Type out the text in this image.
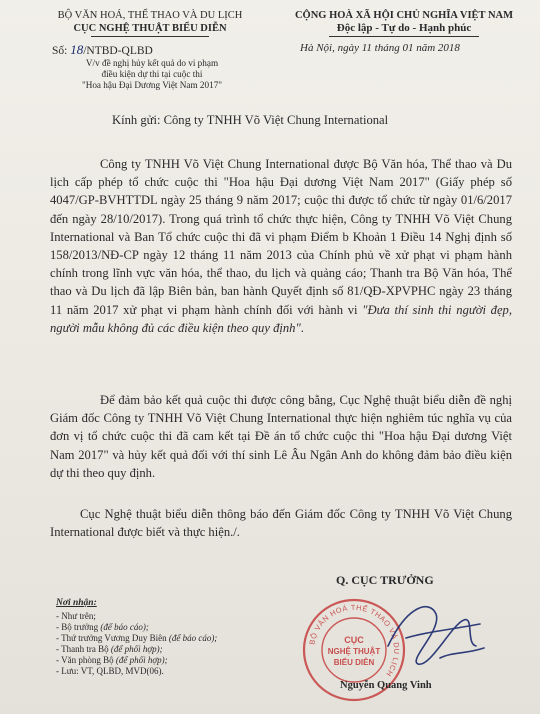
BỘ VĂN HOÁ, THỂ THAO VÀ DU LỊCH
CỤC NGHỆ THUẬT BIỂU DIỄN
CỘNG HOÀ XÃ HỘI CHỦ NGHĨA VIỆT NAM
Độc lập - Tự do - Hạnh phúc
Số: 18/NTBD-QLBD
V/v đề nghị hủy kết quả do vi phạm
điều kiện dự thi tại cuộc thi
"Hoa hậu Đại Dương Việt Nam 2017"
Hà Nội, ngày 11 tháng 01 năm 2018
Kính gửi: Công ty TNHH Võ Việt Chung International

Công ty TNHH Võ Việt Chung International được Bộ Văn hóa, Thể thao và Du lịch cấp phép tổ chức cuộc thi "Hoa hậu Đại dương Việt Nam 2017" (Giấy phép số 4047/GP-BVHTTDL ngày 25 tháng 9 năm 2017; cuộc thi được tổ chức từ ngày 01/6/2017 đến ngày 28/10/2017). Trong quá trình tổ chức thực hiện, Công ty TNHH Võ Việt Chung International và Ban Tổ chức cuộc thi đã vi phạm Điểm b Khoản 1 Điều 14 Nghị định số 158/2013/NĐ-CP ngày 12 tháng 11 năm 2013 của Chính phủ về xử phạt vi phạm hành chính trong lĩnh vực văn hóa, thể thao, du lịch và quảng cáo; Thanh tra Bộ Văn hóa, Thể thao và Du lịch đã lập Biên bản, ban hành Quyết định số 81/QĐ-XPVPHC ngày 23 tháng 11 năm 2017 xử phạt vi phạm hành chính đối với hành vi "Đưa thí sinh thi người đẹp, người mẫu không đủ các điều kiện theo quy định".

Để đảm bảo kết quả cuộc thi được công bằng, Cục Nghệ thuật biểu diễn đề nghị Giám đốc Công ty TNHH Võ Việt Chung International thực hiện nghiêm túc nghĩa vụ của đơn vị tổ chức cuộc thi đã cam kết tại Đề án tổ chức cuộc thi "Hoa hậu Đại dương Việt Nam 2017" và hủy kết quả đối với thí sinh Lê Âu Ngân Anh do không đảm bảo điều kiện dự thi theo quy định.

Cục Nghệ thuật biểu diễn thông báo đến Giám đốc Công ty TNHH Võ Việt Chung International được biết và thực hiện./.

Q. CỤC TRƯỞNG
BỘ VĂN HOÁ THỂ THAO VÀ DU LỊCH
CỤC
NGHỆ THUẬT
BIỂU DIỄN
Nơi nhận:
- Như trên;
- Bộ trưởng (để báo cáo);
- Thứ trưởng Vương Duy Biên (để báo cáo);
- Thanh tra Bộ (để phối hợp);
- Văn phòng Bộ (để phối hợp);
- Lưu: VT, QLBD, MVD(06).
Nguyễn Quang Vinh
